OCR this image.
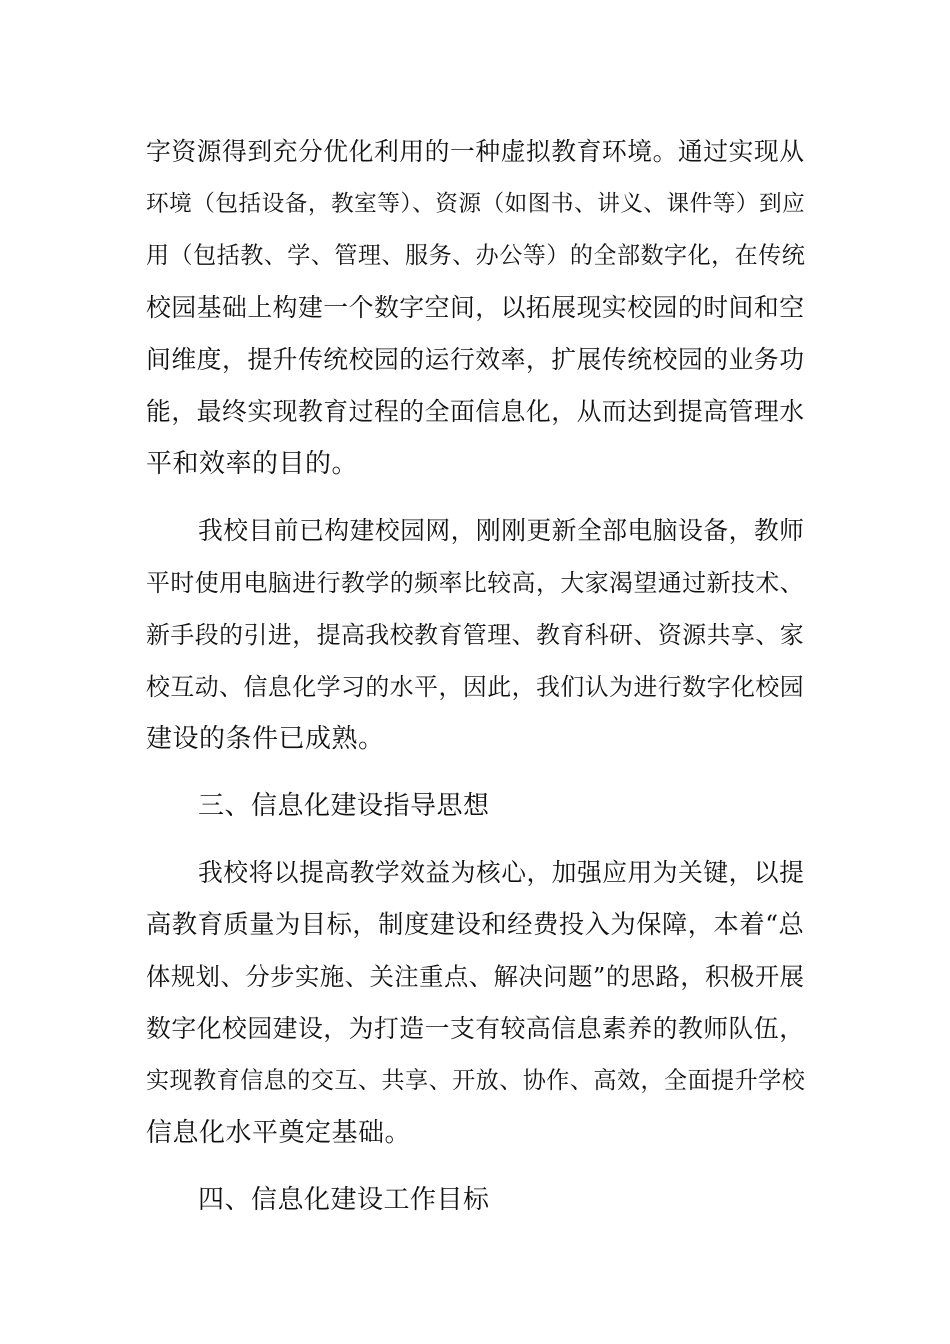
字资源得到充分优化利用的一种虚拟教育环境。通过实现从
环境（包括设备，教室等）、资源（如图书、讲义、课件等）到应
用（包括教、学、管理、服务、办公等）的全部数字化，在传统
校园基础上构建一个数字空间，以拓展现实校园的时间和空
间维度，提升传统校园的运行效率，扩展传统校园的业务功
能，最终实现教育过程的全面信息化，从而达到提高管理水
平和效率的目的。
我校目前已构建校园网，刚刚更新全部电脑设备，教师
平时使用电脑进行教学的频率比较高，大家渴望通过新技术、
新手段的引进，提高我校教育管理、教育科研、资源共享、家
校互动、信息化学习的水平，因此，我们认为进行数字化校园
建设的条件已成熟。
三、信息化建设指导思想
我校将以提高教学效益为核心，加强应用为关键，以提
高教育质量为目标，制度建设和经费投入为保障，本着“总
体规划、分步实施、关注重点、解决问题”的思路，积极开展
数字化校园建设，为打造一支有较高信息素养的教师队伍，
实现教育信息的交互、共享、开放、协作、高效，全面提升学校
信息化水平奠定基础。
四、信息化建设工作目标
